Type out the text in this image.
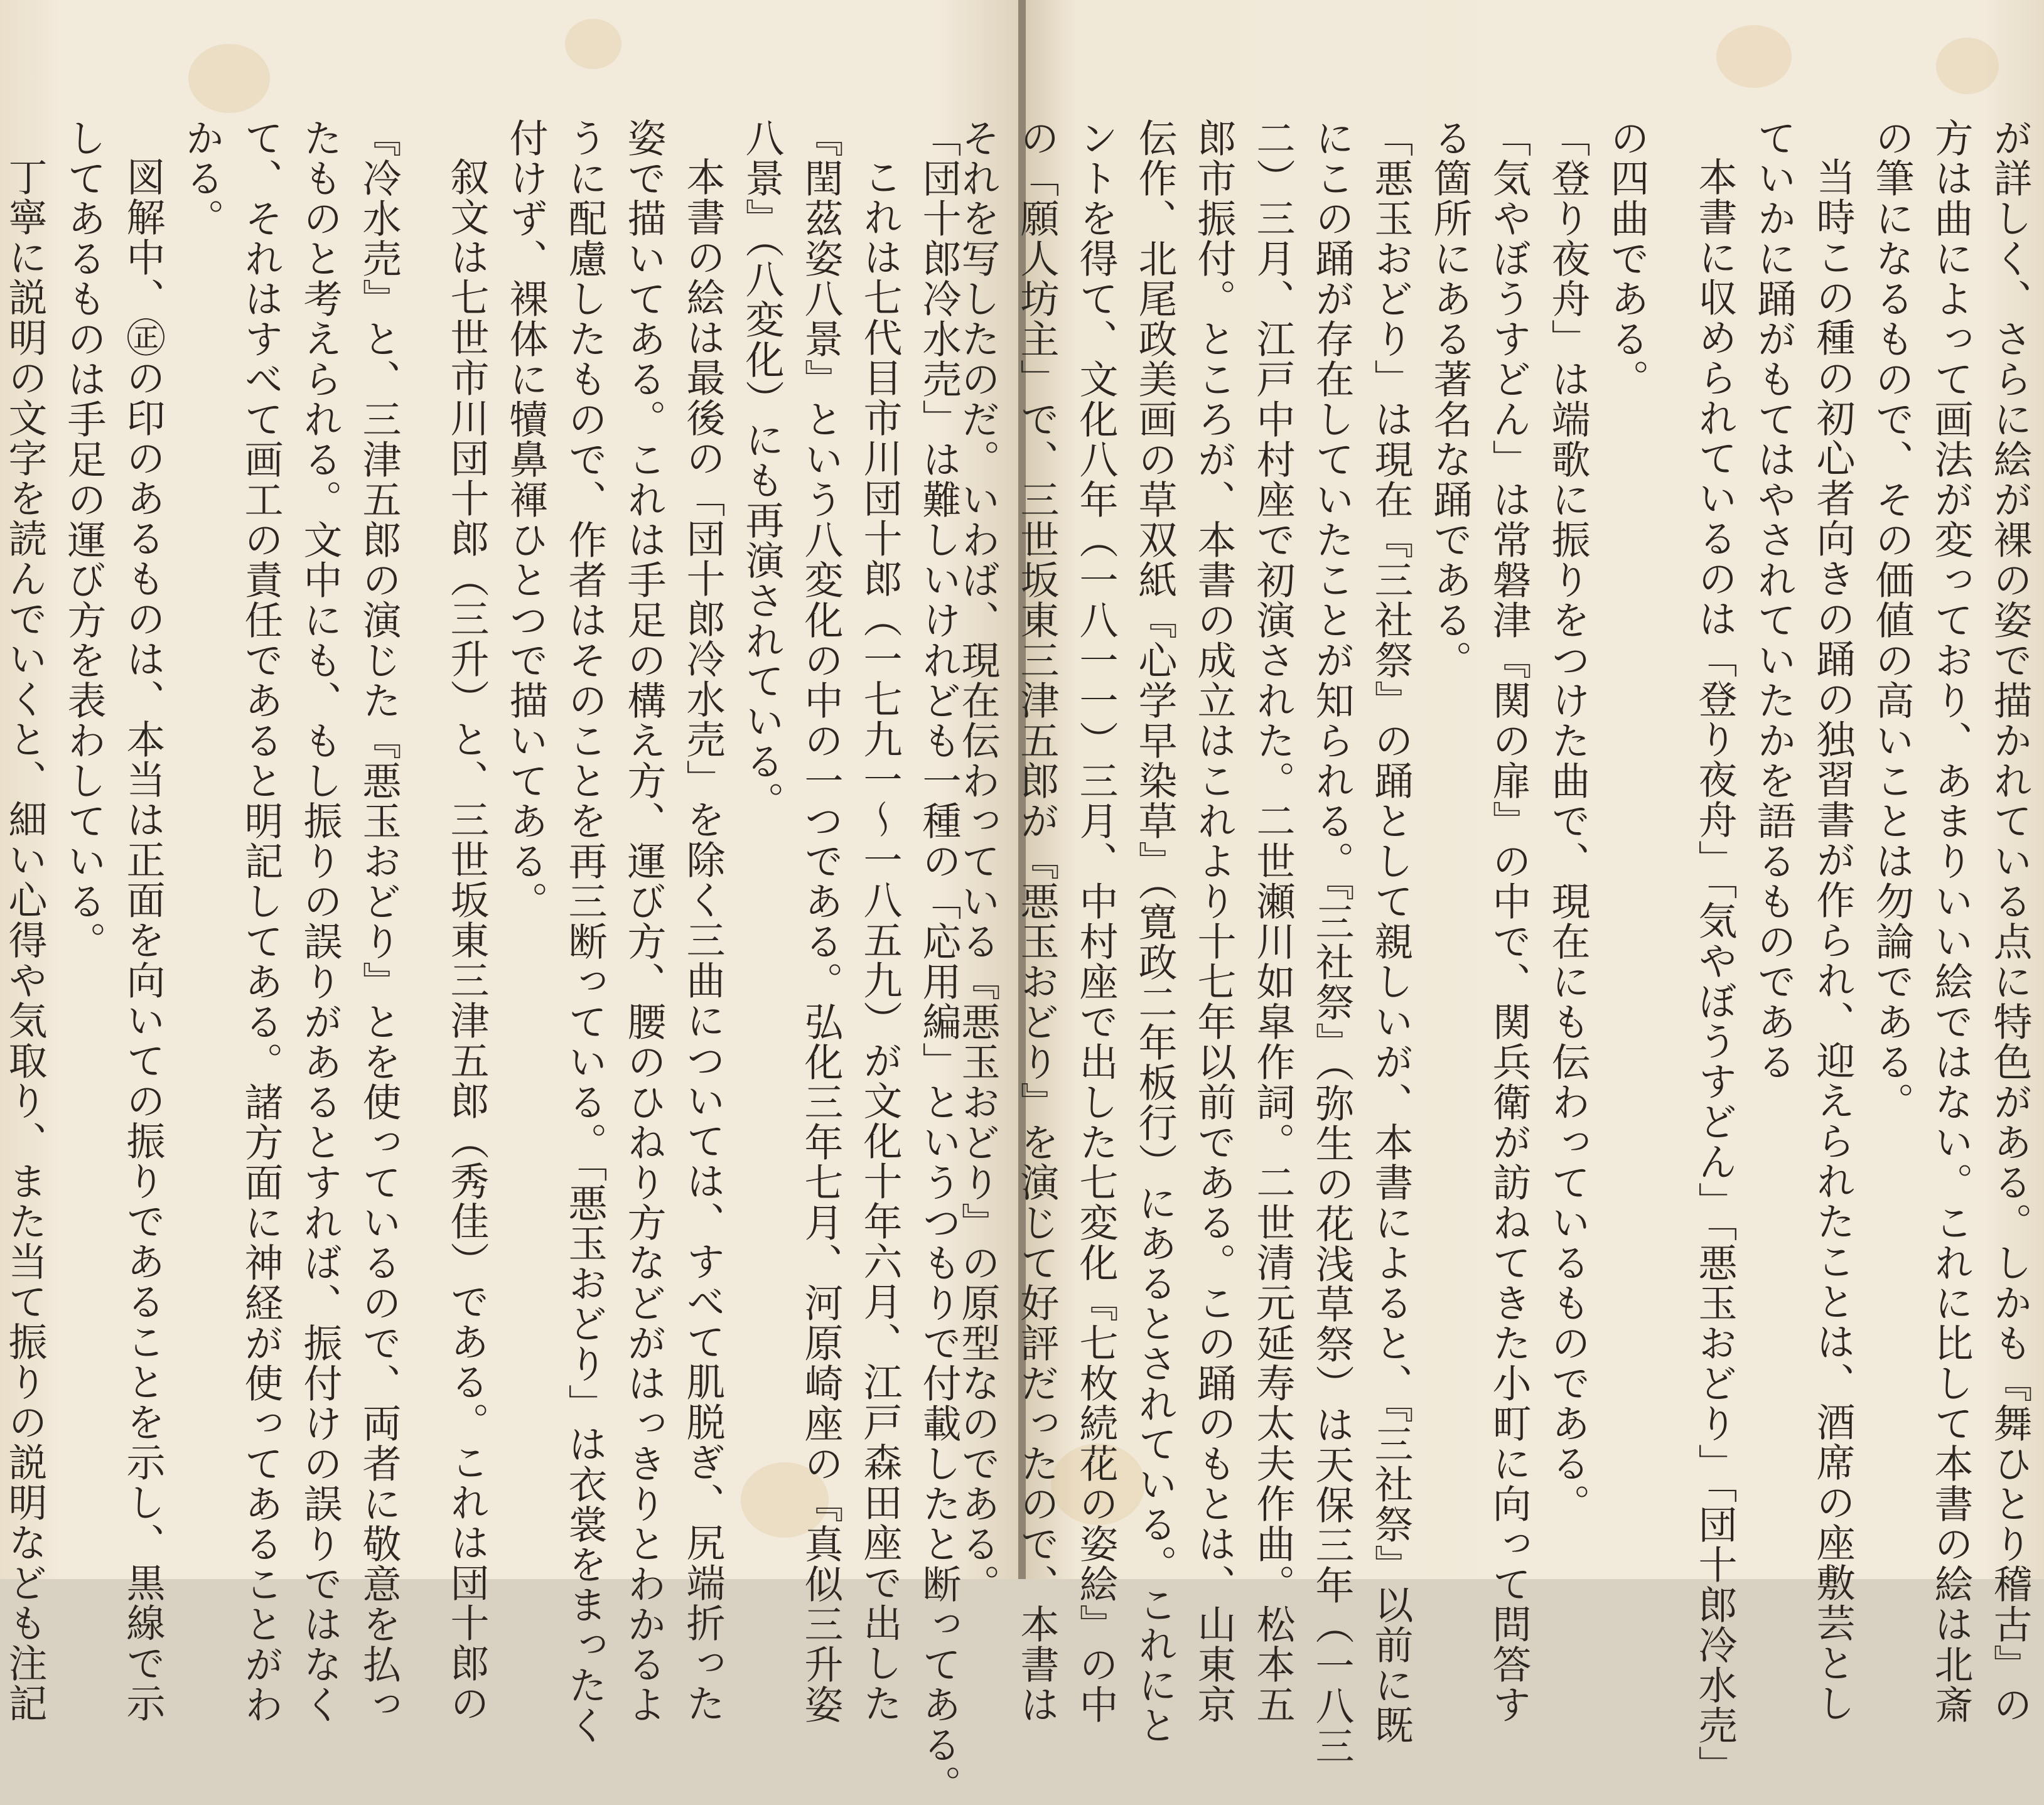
「団十郎冷水売」は難しいけれども一種の「応用編」というつもりで付載したと断ってある。
これは七代目市川団十郎（一七九一～一八五九）が文化十年六月、江戸森田座で出した
『閏茲姿八景』という八変化の中の一つである。弘化三年七月、河原崎座の『真似三升姿
八景』（八変化）にも再演されている。
本書の絵は最後の「団十郎冷水売」を除く三曲については、すべて肌脱ぎ、尻端折った
姿で描いてある。これは手足の構え方、運び方、腰のひねり方などがはっきりとわかるよ
うに配慮したもので、作者はそのことを再三断っている。「悪玉おどり」は衣裳をまったく
付けず、裸体に犢鼻褌ひとつで描いてある。
叙文は七世市川団十郎（三升）と、三世坂東三津五郎（秀佳）である。これは団十郎の
『冷水売』と、三津五郎の演じた『悪玉おどり』とを使っているので、両者に敬意を払っ
たものと考えられる。文中にも、もし振りの誤りがあるとすれば、振付けの誤りではなく
て、それはすべて画工の責任であると明記してある。諸方面に神経が使ってあることがわ
かる。
図解中、㊣の印のあるものは、本当は正面を向いての振りであることを示し、黒線で示
してあるものは手足の運び方を表わしている。
丁寧に説明の文字を読んでいくと、細い心得や気取り、また当て振りの説明なども注記	が詳しく、さらに絵が裸の姿で描かれている点に特色がある。しかも『舞ひとり稽古』の
方は曲によって画法が変っており、あまりいい絵ではない。これに比して本書の絵は北斎
の筆になるもので、その価値の高いことは勿論である。
当時この種の初心者向きの踊の独習書が作られ、迎えられたことは、酒席の座敷芸とし
ていかに踊がもてはやされていたかを語るものである
本書に収められているのは「登り夜舟」「気やぼうすどん」「悪玉おどり」「団十郎冷水売」
の四曲である。
「登り夜舟」は端歌に振りをつけた曲で、現在にも伝わっているものである。
「気やぼうすどん」は常磐津『関の扉』の中で、関兵衛が訪ねてきた小町に向って問答す
る箇所にある著名な踊である。
「悪玉おどり」は現在『三社祭』の踊として親しいが、本書によると、『三社祭』以前に既
にこの踊が存在していたことが知られる。『三社祭』（弥生の花浅草祭）は天保三年（一八三
二）三月、江戸中村座で初演された。二世瀬川如皐作詞。二世清元延寿太夫作曲。松本五
郎市振付。ところが、本書の成立はこれより十七年以前である。この踊のもとは、山東京
伝作、北尾政美画の草双紙『心学早染草』（寛政二年板行）にあるとされている。これにと
ントを得て、文化八年（一八一一）三月、中村座で出した七変化『七枚続花の姿絵』の中
の「願人坊主」で、三世坂東三津五郎が『悪玉おどり』を演じて好評だったので、本書は
それを写したのだ。いわば、現在伝わっている『悪玉おどり』の原型なのである。
